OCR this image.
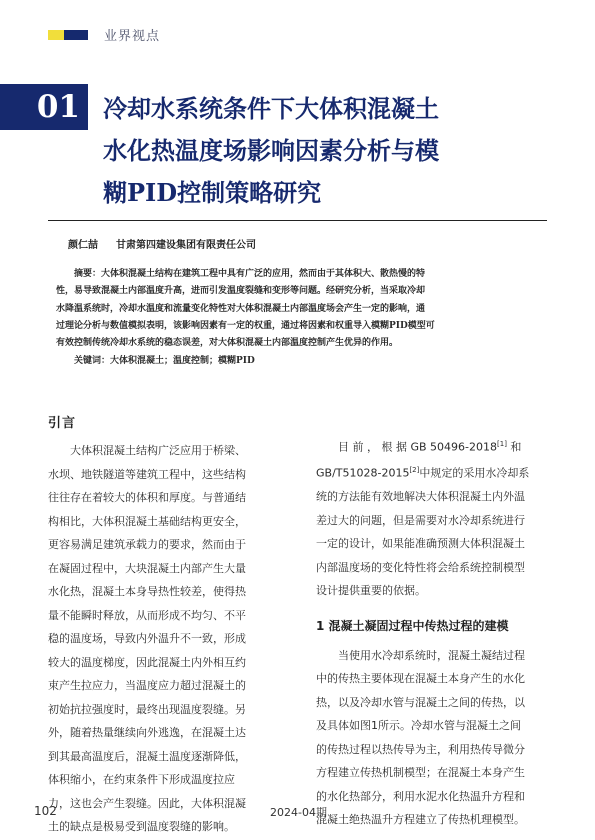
业界视点
01 冷却水系统条件下大体积混凝土
水化热温度场影响因素分析与模
糊PID控制策略研究
颜仁喆 甘肃第四建设集团有限责任公司
摘要：大体积混凝土结构在建筑工程中具有广泛的应用，然而由于其体积大、散热慢的特
性，易导致混凝土内部温度升高，进而引发温度裂缝和变形等问题。经研究分析，当采取冷却
水降温系统时，冷却水温度和流量变化特性对大体积混凝土内部温度场会产生一定的影响，通
过理论分析与数值模拟表明，该影响因素有一定的权重，通过将因素和权重导入模糊PID模型可
有效控制传统冷却水系统的稳态误差，对大体积混凝土内部温度控制产生优异的作用。
关键词：大体积混凝土；温度控制；模糊PID
引言
大体积混凝土结构广泛应用于桥梁、
水坝、地铁隧道等建筑工程中，这些结构
往往存在着较大的体积和厚度。与普通结
构相比，大体积混凝土基础结构更安全，
更容易满足建筑承载力的要求，然而由于
在凝固过程中，大块混凝土内部产生大量
水化热，混凝土本身导热性较差，使得热
量不能瞬时释放，从而形成不均匀、不平
稳的温度场，导致内外温升不一致，形成
较大的温度梯度，因此混凝土内外相互约
束产生拉应力，当温度应力超过混凝土的
初始抗拉强度时，最终出现温度裂缝。另
外，随着热量继续向外逃逸，在混凝土达
到其最高温度后，混凝土温度逐渐降低，
体积缩小，在约束条件下形成温度拉应
力，这也会产生裂缝。因此，大体积混凝
土的缺点是极易受到温度裂缝的影响。
目 前 ， 根 据 GB 50496-2018[1] 和
GB/T51028-2015[2]中规定的采用水冷却系
统的方法能有效地解决大体积混凝土内外温
差过大的问题，但是需要对水冷却系统进行
一定的设计，如果能准确预测大体积混凝土
内部温度场的变化特性将会给系统控制模型
设计提供重要的依据。
1 混凝土凝固过程中传热过程的建模
当使用水冷却系统时，混凝土凝结过程
中的传热主要体现在混凝土本身产生的水化
热，以及冷却水管与混凝土之间的传热，以
及具体如图1所示。冷却水管与混凝土之间
的传热过程以热传导为主，利用热传导微分
方程建立传热机制模型；在混凝土本身产生
的水化热部分，利用水泥水化热温升方程和
混凝土绝热温升方程建立了传热机理模型。
102	2024-04期
